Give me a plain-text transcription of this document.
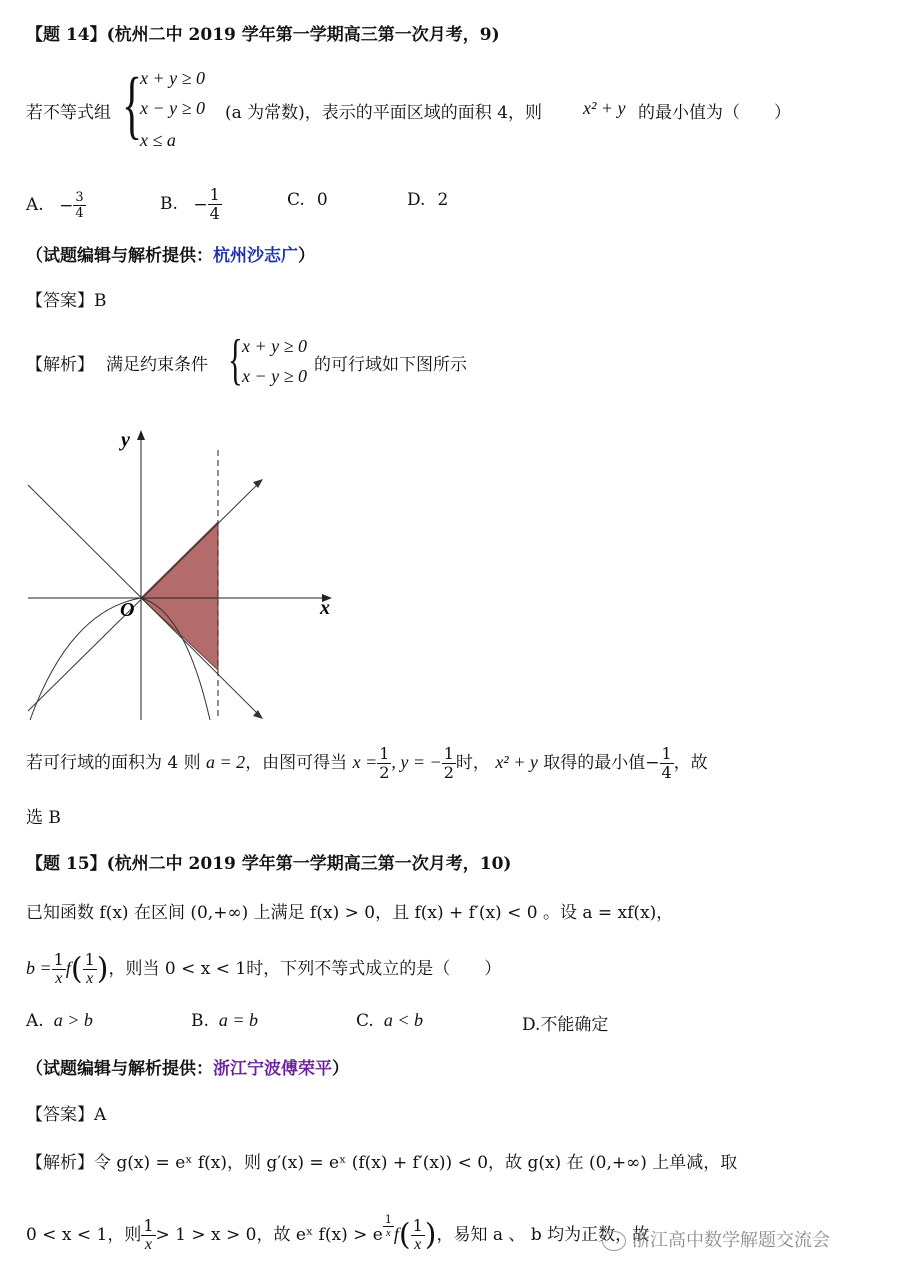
【题 14】(杭州二中 2019 学年第一学期高三第一次月考，9)
若不等式组 {
x + y ≥ 0
x − y ≥ 0 (a 为常数)，表示的平面区域的面积 4，则 x² + y 的最小值为（　　）
x ≤ a
A. − $\frac{3}{4}$	B. − $\frac{1}{4}$	C. 0	D. 2
（试题编辑与解析提供：杭州沙志广）
【答案】B
【解析】 满足约束条件 { x + y ≥ 0
x − y ≥ 0
的可行域如下图所示
y
x
O
若可行域的面积为 4 则 a = 2，由图可得当 $x = \frac{1}{2}$ , y = − $\frac{1}{2}$ 时， x² + y 取得的最小值− $\frac{1}{4}$ ，故
选 B
【题 15】(杭州二中 2019 学年第一学期高三第一次月考，10)
已知函数 f(x) 在区间 (0,+∞) 上满足 f(x) > 0，且 f(x) + f′(x) < 0 。设 a = xf(x)，
$b = \frac{1}{x} f( \frac{1}{x}$ )，则当 0 < x < 1时，下列不等式成立的是（　　）
A. a > b	B. a = b	C. a < b	D.不能确定
（试题编辑与解析提供：浙江宁波傅荣平）
【答案】A
【解析】令 g(x) = eˣ f(x)，则 g′(x) = eˣ (f(x) + f′(x)) < 0，故 g(x) 在 (0,+∞) 上单减，取
0 < x < 1，则 $\frac{1}{x} > 1 > x > 0$，故 eˣ f(x) > e $\frac{1}{x} f( \frac{1}{x}$ )，易知 a 、 b 均为正数，故
浙江高中数学解题交流会
